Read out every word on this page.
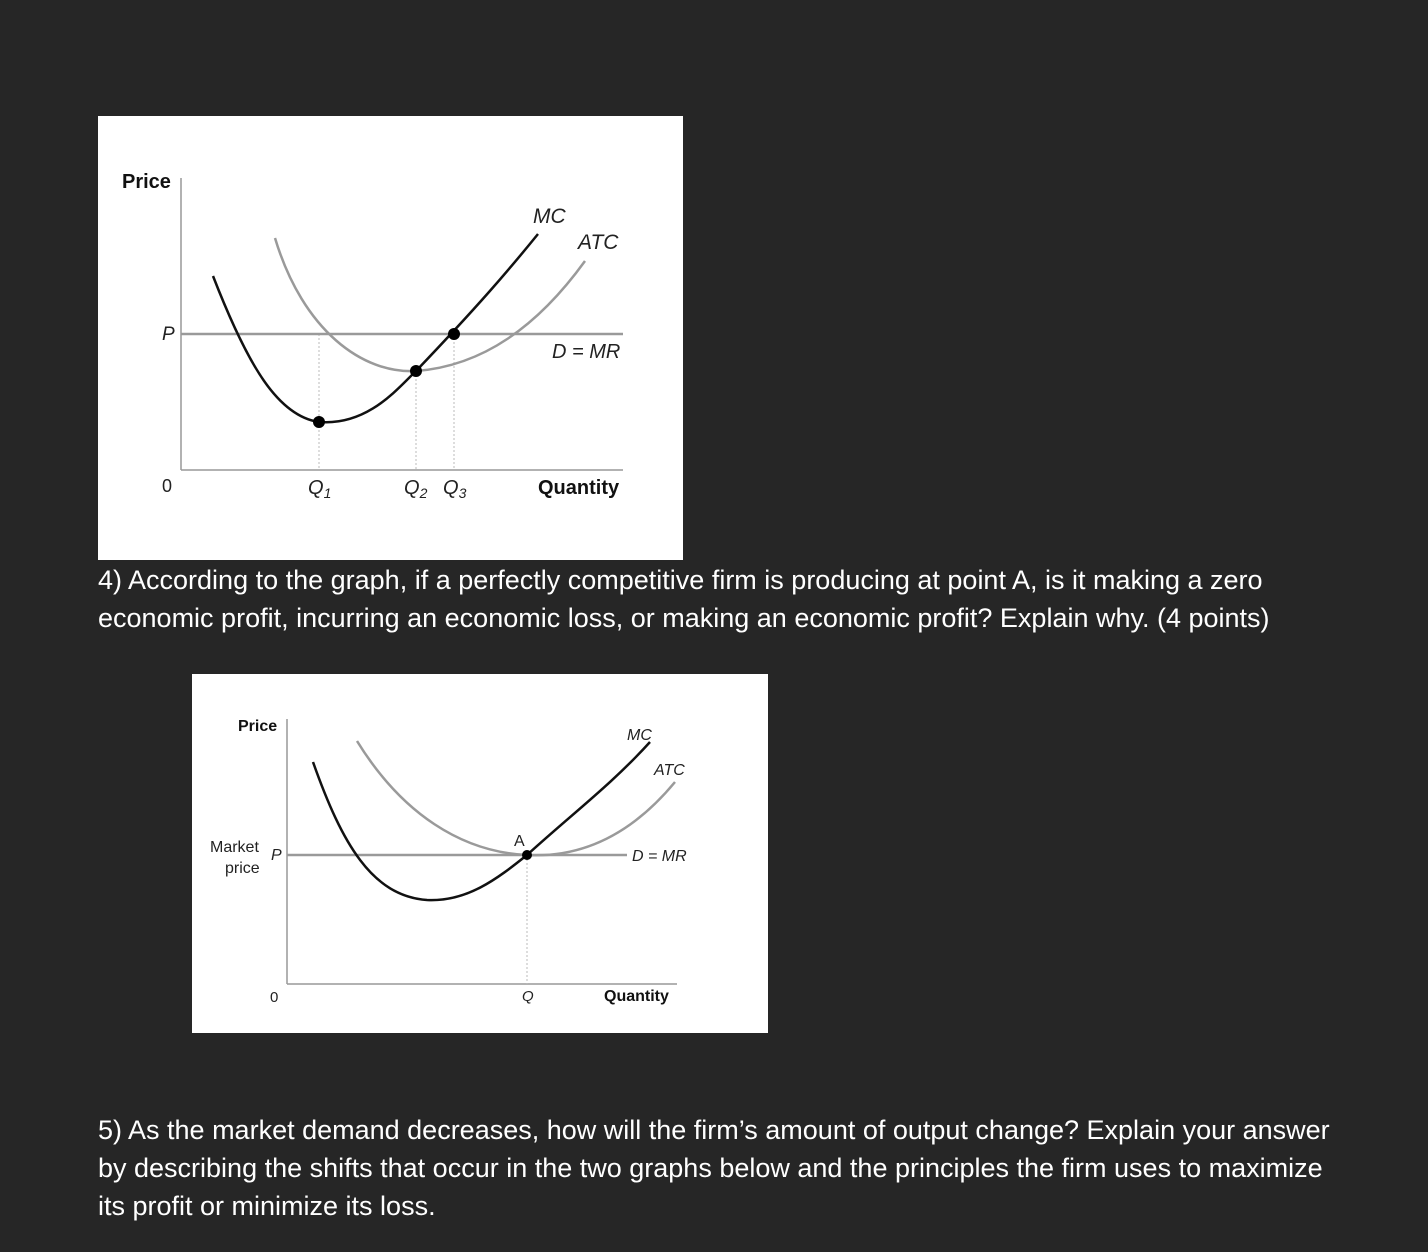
Price
P
0	Quantity
MC
ATC
D = MR
$Q_1$	$Q_2$ $Q_3$

4) According to the graph, if a perfectly competitive firm is producing at point A, is it making a zero economic profit, incurring an economic loss, or making an economic profit? Explain why. (4 points)

Price
Market
price
P
0	Quantity
Q
A
MC
ATC
D = MR

5) As the market demand decreases, how will the firm’s amount of output change? Explain your answer by describing the shifts that occur in the two graphs below and the principles the firm uses to maximize its profit or minimize its loss.
